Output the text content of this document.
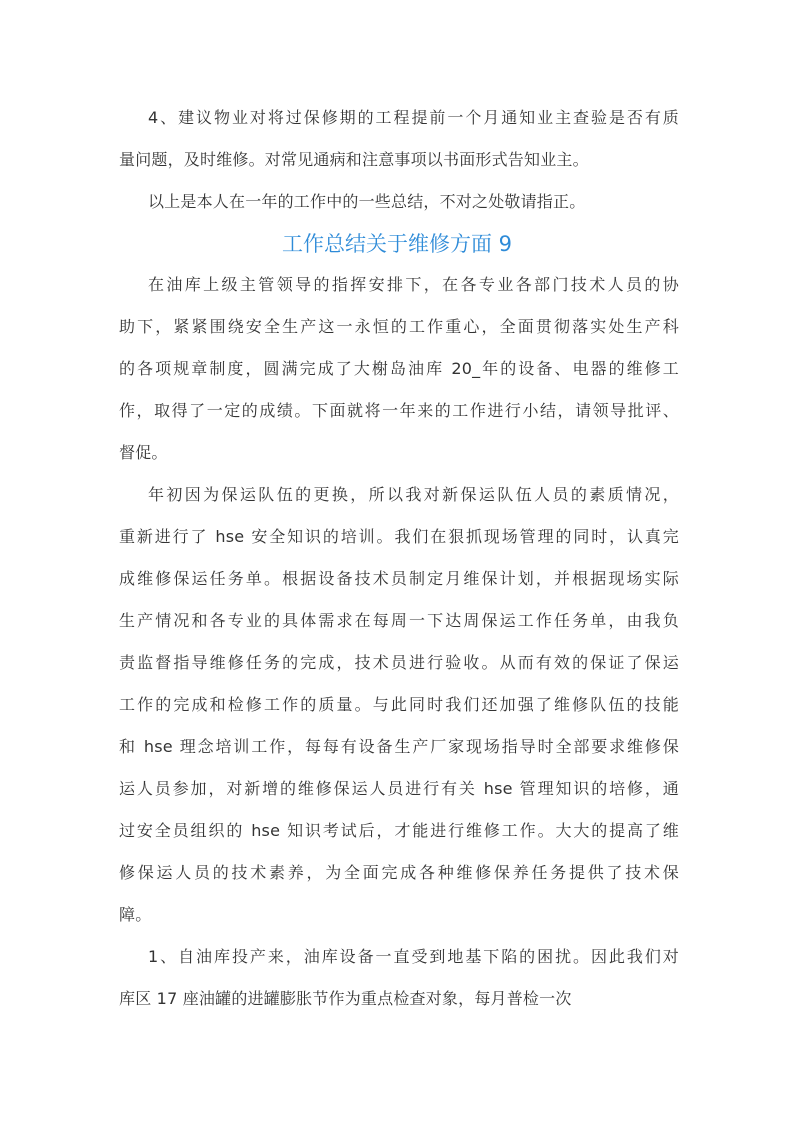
4、建议物业对将过保修期的工程提前一个月通知业主查验是否有质
量问题，及时维修。对常见通病和注意事项以书面形式告知业主。
以上是本人在一年的工作中的一些总结，不对之处敬请指正。
工作总结关于维修方面 9
在油库上级主管领导的指挥安排下，在各专业各部门技术人员的协
助下，紧紧围绕安全生产这一永恒的工作重心，全面贯彻落实处生产科
的各项规章制度，圆满完成了大榭岛油库 20_年的设备、电器的维修工
作，取得了一定的成绩。下面就将一年来的工作进行小结，请领导批评、
督促。
年初因为保运队伍的更换，所以我对新保运队伍人员的素质情况，
重新进行了 hse 安全知识的培训。我们在狠抓现场管理的同时，认真完
成维修保运任务单。根据设备技术员制定月维保计划，并根据现场实际
生产情况和各专业的具体需求在每周一下达周保运工作任务单，由我负
责监督指导维修任务的完成，技术员进行验收。从而有效的保证了保运
工作的完成和检修工作的质量。与此同时我们还加强了维修队伍的技能
和 hse 理念培训工作，每每有设备生产厂家现场指导时全部要求维修保
运人员参加，对新增的维修保运人员进行有关 hse 管理知识的培修，通
过安全员组织的 hse 知识考试后，才能进行维修工作。大大的提高了维
修保运人员的技术素养，为全面完成各种维修保养任务提供了技术保
障。
1、自油库投产来，油库设备一直受到地基下陷的困扰。因此我们对
库区 17 座油罐的进罐膨胀节作为重点检查对象，每月普检一次
